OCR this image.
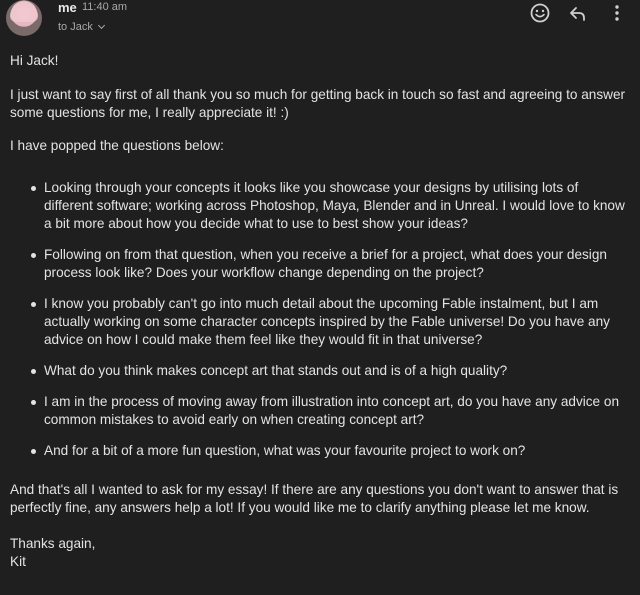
me 11:40 am
to Jack

Hi Jack!

I just want to say first of all thank you so much for getting back in touch so fast and agreeing to answer some questions for me, I really appreciate it! :)

I have popped the questions below:

Looking through your concepts it looks like you showcase your designs by utilising lots of different software; working across Photoshop, Maya, Blender and in Unreal. I would love to know a bit more about how you decide what to use to best show your ideas?
Following on from that question, when you receive a brief for a project, what does your design process look like? Does your workflow change depending on the project?
I know you probably can't go into much detail about the upcoming Fable instalment, but I am actually working on some character concepts inspired by the Fable universe! Do you have any advice on how I could make them feel like they would fit in that universe?
What do you think makes concept art that stands out and is of a high quality?
I am in the process of moving away from illustration into concept art, do you have any advice on common mistakes to avoid early on when creating concept art?
And for a bit of a more fun question, what was your favourite project to work on?

And that's all I wanted to ask for my essay! If there are any questions you don't want to answer that is perfectly fine, any answers help a lot! If you would like me to clarify anything please let me know.

Thanks again,

Kit
